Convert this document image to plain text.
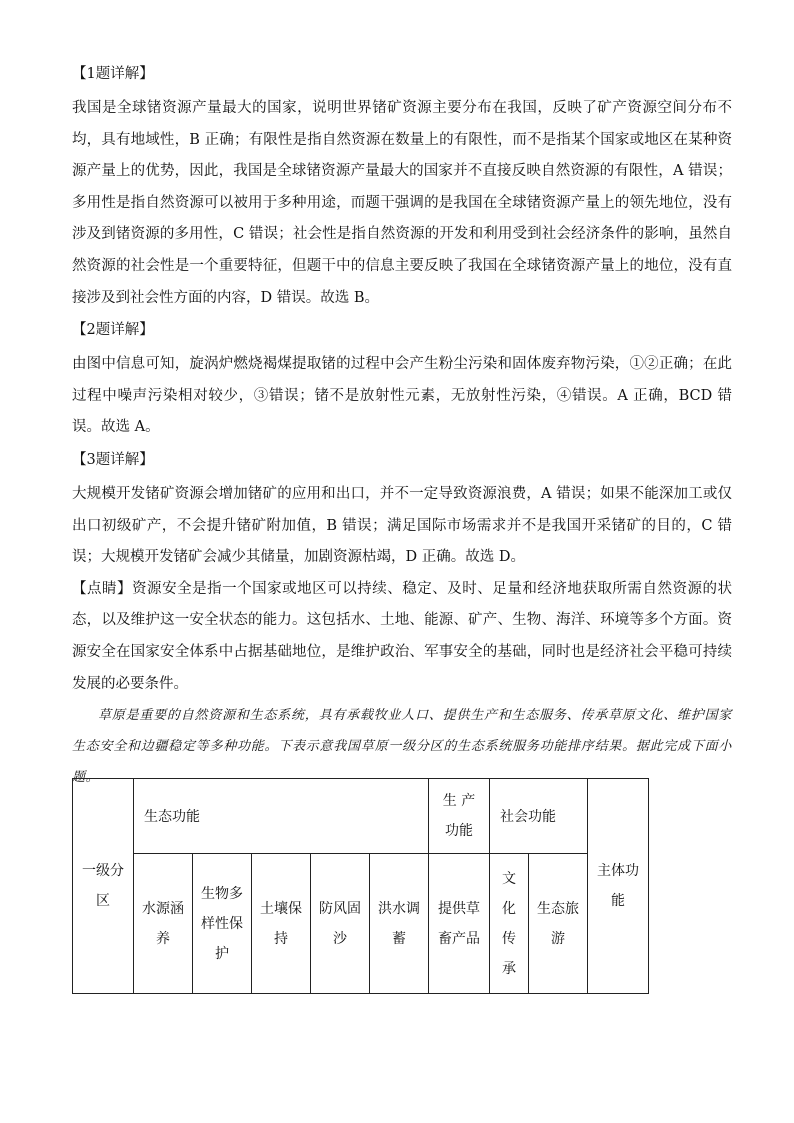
【1题详解】

我国是全球锗资源产量最大的国家，说明世界锗矿资源主要分布在我国，反映了矿产资源空间分布不均，具有地域性，B 正确；有限性是指自然资源在数量上的有限性，而不是指某个国家或地区在某种资源产量上的优势，因此，我国是全球锗资源产量最大的国家并不直接反映自然资源的有限性，A 错误；多用性是指自然资源可以被用于多种用途，而题干强调的是我国在全球锗资源产量上的领先地位，没有涉及到锗资源的多用性，C 错误；社会性是指自然资源的开发和利用受到社会经济条件的影响，虽然自然资源的社会性是一个重要特征，但题干中的信息主要反映了我国在全球锗资源产量上的地位，没有直接涉及到社会性方面的内容，D 错误。故选 B。

【2题详解】

由图中信息可知，旋涡炉燃烧褐煤提取锗的过程中会产生粉尘污染和固体废弃物污染，①②正确；在此过程中噪声污染相对较少，③错误；锗不是放射性元素，无放射性污染，④错误。A 正确，BCD 错误。故选 A。

【3题详解】

大规模开发锗矿资源会增加锗矿的应用和出口，并不一定导致资源浪费，A 错误；如果不能深加工或仅出口初级矿产，不会提升锗矿附加值，B 错误；满足国际市场需求并不是我国开采锗矿的目的，C 错误；大规模开发锗矿会减少其储量，加剧资源枯竭，D 正确。故选 D。

【点睛】资源安全是指一个国家或地区可以持续、稳定、及时、足量和经济地获取所需自然资源的状态，以及维护这一安全状态的能力。这包括水、土地、能源、矿产、生物、海洋、环境等多个方面。资源安全在国家安全体系中占据基础地位，是维护政治、军事安全的基础，同时也是经济社会平稳可持续发展的必要条件。

草原是重要的自然资源和生态系统，具有承载牧业人口、提供生产和生态服务、传承草原文化、维护国家生态安全和边疆稳定等多种功能。下表示意我国草原一级分区的生态系统服务功能排序结果。据此完成下面小题。

一级分区	生态功能					生 产 功能	社会功能		主体功能
	水源涵养	生物多样性保护	土壤保持	防风固沙	洪水调蓄	提供草畜产品	文化传承	生态旅游	
